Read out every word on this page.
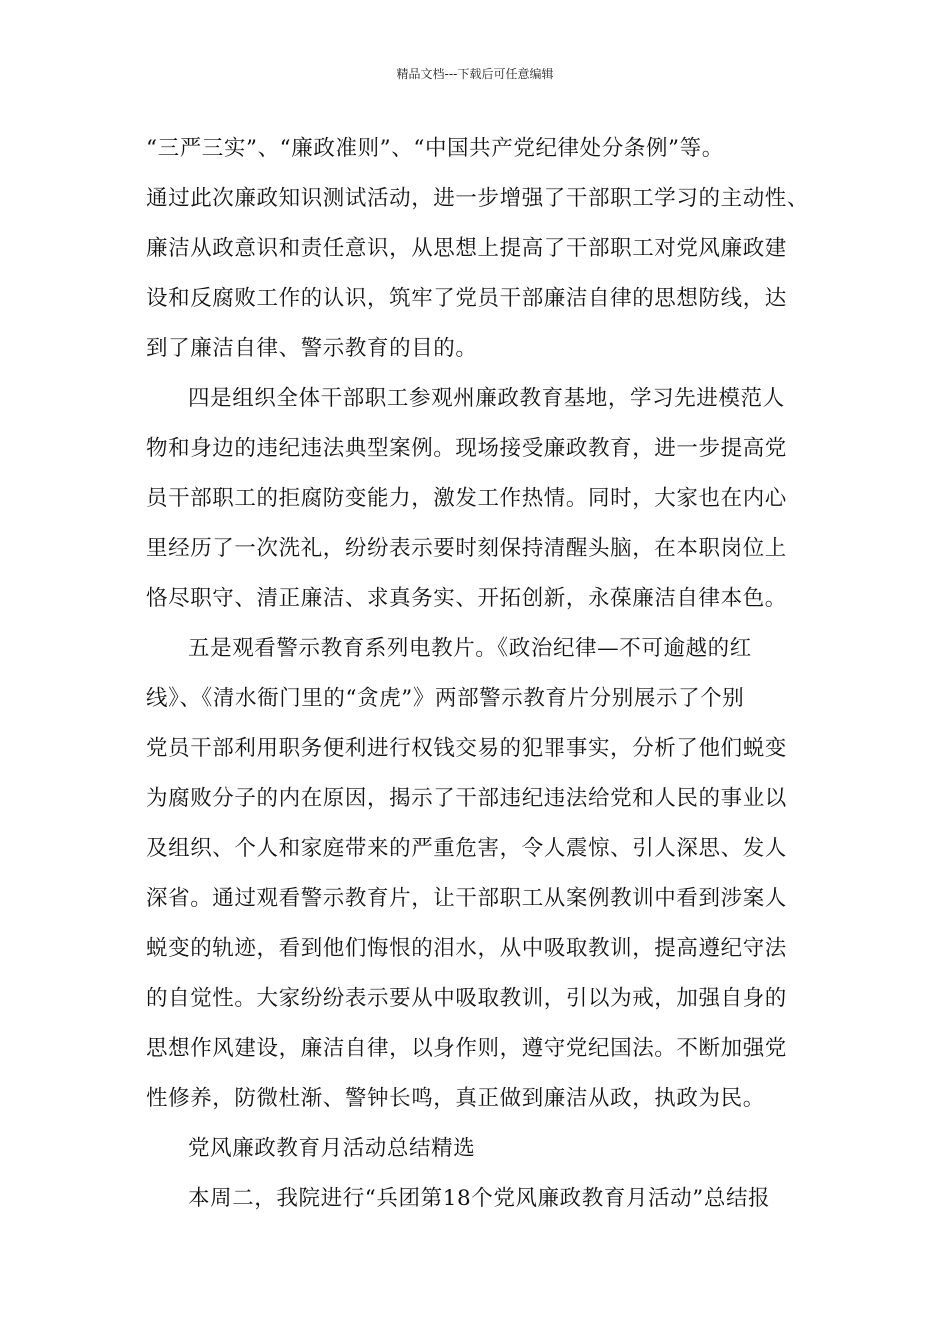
精品文档---下载后可任意编辑
“三严三实”、“廉政准则”、“中国共产党纪律处分条例”等。
通过此次廉政知识测试活动，进一步增强了干部职工学习的主动性、
廉洁从政意识和责任意识，从思想上提高了干部职工对党风廉政建
设和反腐败工作的认识，筑牢了党员干部廉洁自律的思想防线，达
到了廉洁自律、警示教育的目的。
四是组织全体干部职工参观州廉政教育基地，学习先进模范人
物和身边的违纪违法典型案例。现场接受廉政教育，进一步提高党
员干部职工的拒腐防变能力，激发工作热情。同时，大家也在内心
里经历了一次洗礼，纷纷表示要时刻保持清醒头脑，在本职岗位上
恪尽职守、清正廉洁、求真务实、开拓创新，永葆廉洁自律本色。
五是观看警示教育系列电教片。《政治纪律—不可逾越的红
线》、《清水衙门里的“贪虎”》两部警示教育片分别展示了个别
党员干部利用职务便利进行权钱交易的犯罪事实，分析了他们蜕变
为腐败分子的内在原因，揭示了干部违纪违法给党和人民的事业以
及组织、个人和家庭带来的严重危害，令人震惊、引人深思、发人
深省。通过观看警示教育片，让干部职工从案例教训中看到涉案人
蜕变的轨迹，看到他们悔恨的泪水，从中吸取教训，提高遵纪守法
的自觉性。大家纷纷表示要从中吸取教训，引以为戒，加强自身的
思想作风建设，廉洁自律，以身作则，遵守党纪国法。不断加强党
性修养，防微杜渐、警钟长鸣，真正做到廉洁从政，执政为民。
党风廉政教育月活动总结精选
本周二，我院进行“兵团第18个党风廉政教育月活动”总结报
